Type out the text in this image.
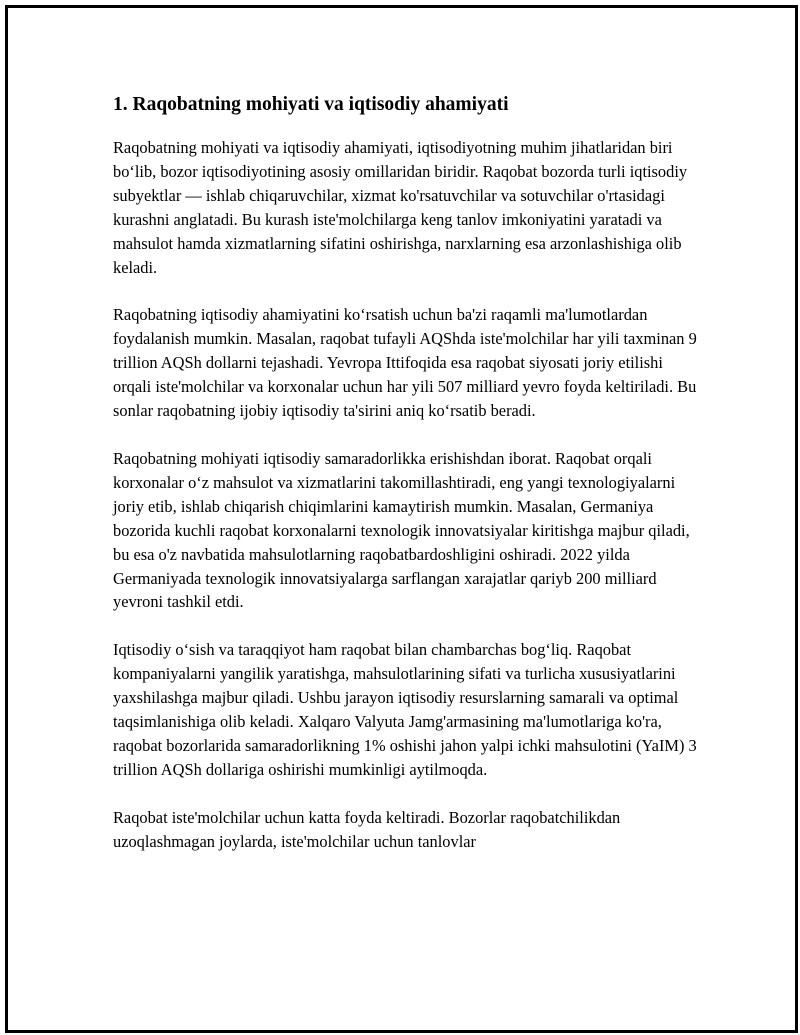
1. Raqobatning mohiyati va iqtisodiy ahamiyati

Raqobatning mohiyati va iqtisodiy ahamiyati, iqtisodiyotning muhim jihatlaridan biri boʻlib, bozor iqtisodiyotining asosiy omillaridan biridir. Raqobat bozorda turli iqtisodiy subyektlar — ishlab chiqaruvchilar, xizmat ko'rsatuvchilar va sotuvchilar o'rtasidagi kurashni anglatadi. Bu kurash iste'molchilarga keng tanlov imkoniyatini yaratadi va mahsulot hamda xizmatlarning sifatini oshirishga, narxlarning esa arzonlashishiga olib keladi.

Raqobatning iqtisodiy ahamiyatini koʻrsatish uchun ba'zi raqamli ma'lumotlardan foydalanish mumkin. Masalan, raqobat tufayli AQShda iste'molchilar har yili taxminan 9 trillion AQSh dollarni tejashadi. Yevropa Ittifoqida esa raqobat siyosati joriy etilishi orqali iste'molchilar va korxonalar uchun har yili 507 milliard yevro foyda keltiriladi. Bu sonlar raqobatning ijobiy iqtisodiy ta'sirini aniq koʻrsatib beradi.

Raqobatning mohiyati iqtisodiy samaradorlikka erishishdan iborat. Raqobat orqali korxonalar oʻz mahsulot va xizmatlarini takomillashtiradi, eng yangi texnologiyalarni joriy etib, ishlab chiqarish chiqimlarini kamaytirish mumkin. Masalan, Germaniya bozorida kuchli raqobat korxonalarni texnologik innovatsiyalar kiritishga majbur qiladi, bu esa o'z navbatida mahsulotlarning raqobatbardoshligini oshiradi. 2022 yilda Germaniyada texnologik innovatsiyalarga sarflangan xarajatlar qariyb 200 milliard yevroni tashkil etdi.

Iqtisodiy oʻsish va taraqqiyot ham raqobat bilan chambarchas bogʻliq. Raqobat kompaniyalarni yangilik yaratishga, mahsulotlarining sifati va turlicha xususiyatlarini yaxshilashga majbur qiladi. Ushbu jarayon iqtisodiy resurslarning samarali va optimal taqsimlanishiga olib keladi. Xalqaro Valyuta Jamg'armasining ma'lumotlariga ko'ra, raqobat bozorlarida samaradorlikning 1% oshishi jahon yalpi ichki mahsulotini (YaIM) 3 trillion AQSh dollariga oshirishi mumkinligi aytilmoqda.

Raqobat iste'molchilar uchun katta foyda keltiradi. Bozorlar raqobatchilikdan uzoqlashmagan joylarda, iste'molchilar uchun tanlovlar
